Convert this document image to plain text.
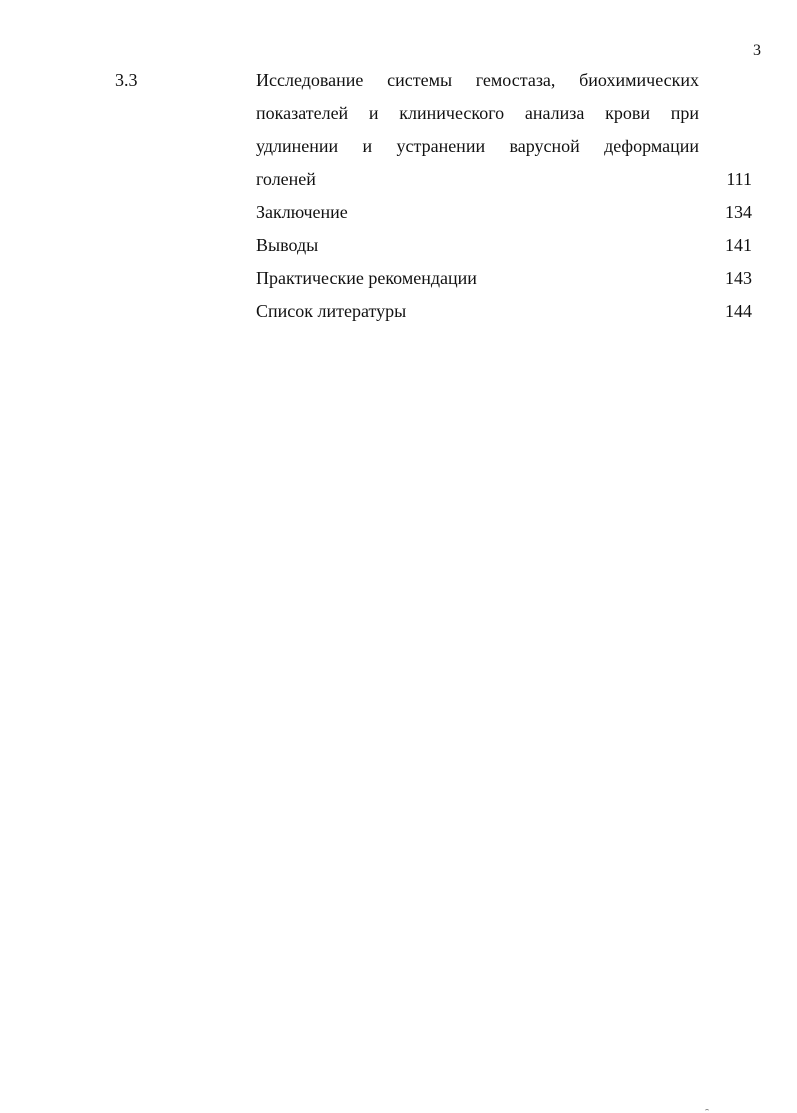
3
3.3	Исследование системы гемостаза, биохимических
показателей и клинического анализа крови при
удлинении и устранении варусной деформации
голеней	111
Заключение	134
Выводы	141
Практические рекомендации	143
Список литературы	144
